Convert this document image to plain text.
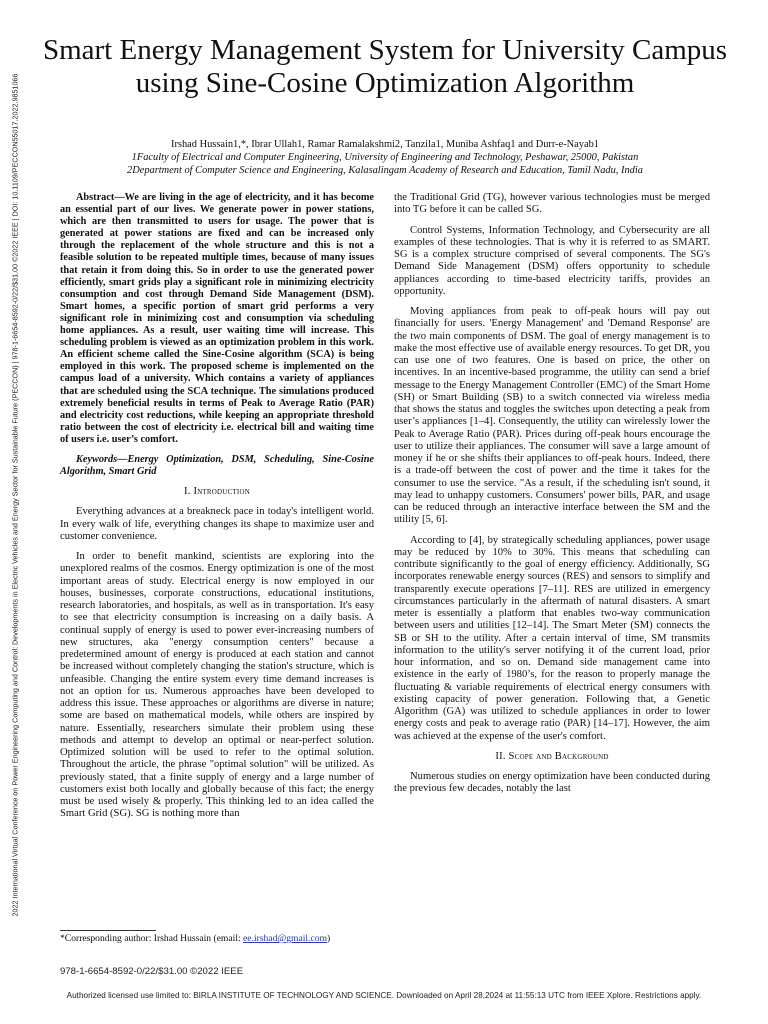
2022 International Virtual Conference on Power Engineering Computing and Control: Developments in Electric Vehicles and Energy Sector for Sustainable Future (PECCON) | 978-1-6654-8592-0/22/$31.00 ©2022 IEEE | DOI: 10.1109/PECCON55017.2022.9851066
Smart Energy Management System for University Campus using Sine-Cosine Optimization Algorithm
Irshad Hussain1,*, Ibrar Ullah1, Ramar Ramalakshmi2, Tanzila1, Muniba Ashfaq1 and Durr-e-Nayab1
1Faculty of Electrical and Computer Engineering, University of Engineering and Technology, Peshawar, 25000, Pakistan
2Department of Computer Science and Engineering, Kalasalingam Academy of Research and Education, Tamil Nadu, India

Abstract—We are living in the age of electricity, and it has become an essential part of our lives. We generate power in power stations, which are then transmitted to users for usage. The power that is generated at power stations are fixed and can be increased only through the replacement of the whole structure and this is not a feasible solution to be repeated multiple times, because of many issues that retain it from doing this. So in order to use the generated power efficiently, smart grids play a significant role in minimizing electricity consumption and cost through Demand Side Management (DSM). Smart homes, a specific portion of smart grid performs a very significant role in minimizing cost and consumption via scheduling home appliances. As a result, user waiting time will increase. This scheduling problem is viewed as an optimization problem in this work. An efficient scheme called the Sine-Cosine algorithm (SCA) is being employed in this work. The proposed scheme is implemented on the campus load of a university. Which contains a variety of appliances that are scheduled using the SCA technique. The simulations produced extremely beneficial results in terms of Peak to Average Ratio (PAR) and electricity cost reductions, while keeping an appropriate threshold ratio between the cost of electricity i.e. electrical bill and waiting time of users i.e. user’s comfort.

Keywords—Energy Optimization, DSM, Scheduling, Sine-Cosine Algorithm, Smart Grid

I. Introduction

Everything advances at a breakneck pace in today's intelligent world. In every walk of life, everything changes its shape to maximize user and customer convenience.

In order to benefit mankind, scientists are exploring into the unexplored realms of the cosmos. Energy optimization is one of the most important areas of study. Electrical energy is now employed in our houses, businesses, corporate constructions, educational institutions, research laboratories, and hospitals, as well as in transportation. It's easy to see that electricity consumption is increasing on a daily basis. A continual supply of energy is used to power ever-increasing numbers of new structures, aka "energy consumption centers" because a predetermined amount of energy is produced at each station and cannot be increased without completely changing the station's structure, which is unfeasible. Changing the entire system every time demand increases is not an option for us. Numerous approaches have been developed to address this issue. These approaches or algorithms are diverse in nature; some are based on mathematical models, while others are inspired by nature. Essentially, researchers simulate their problem using these methods and attempt to develop an optimal or near-perfect solution. Optimized solution will be used to refer to the optimal solution. Throughout the article, the phrase "optimal solution" will be utilized. As previously stated, that a finite supply of energy and a large number of customers exist both locally and globally because of this fact; the energy must be used wisely & properly. This thinking led to an idea called the Smart Grid (SG). SG is nothing more than

the Traditional Grid (TG), however various technologies must be merged into TG before it can be called SG.

Control Systems, Information Technology, and Cybersecurity are all examples of these technologies. That is why it is referred to as SMART. SG is a complex structure comprised of several components. The SG's Demand Side Management (DSM) offers opportunity to schedule appliances according to time-based electricity tariffs, provides an opportunity.

Moving appliances from peak to off-peak hours will pay out financially for users. 'Energy Management' and 'Demand Response' are the two main components of DSM. The goal of energy management is to make the most effective use of available energy resources. To get DR, you can use one of two features. One is based on price, the other on incentives. In an incentive-based programme, the utility can send a brief message to the Energy Management Controller (EMC) of the Smart Home (SH) or Smart Building (SB) to a switch connected via wireless media that shows the status and toggles the switches upon detecting a peak from user’s appliances [1–4]. Consequently, the utility can wirelessly lower the Peak to Average Ratio (PAR). Prices during off-peak hours encourage the user to utilize their appliances. The consumer will save a large amount of money if he or she shifts their appliances to off-peak hours. Indeed, there is a trade-off between the cost of power and the time it takes for the consumer to use the service. "As a result, if the scheduling isn't sound, it may lead to unhappy customers. Consumers' power bills, PAR, and usage can be reduced through an interactive interface between the SM and the utility [5, 6].

According to [4], by strategically scheduling appliances, power usage may be reduced by 10% to 30%. This means that scheduling can contribute significantly to the goal of energy efficiency. Additionally, SG incorporates renewable energy sources (RES) and sensors to simplify and transparently execute operations [7–11]. RES are utilized in emergency circumstances particularly in the aftermath of natural disasters. A smart meter is essentially a platform that enables two-way communication between users and utilities [12–14]. The Smart Meter (SM) connects the SB or SH to the utility. After a certain interval of time, SM transmits information to the utility's server notifying it of the current load, prior hour information, and so on. Demand side management came into existence in the early of 1980’s, for the reason to properly manage the fluctuating & variable requirements of electrical energy consumers with existing capacity of power generation. Following that, a Genetic Algorithm (GA) was utilized to schedule appliances in order to lower energy costs and peak to average ratio (PAR) [14–17]. However, the aim was achieved at the expense of the user's comfort.

II. Scope and Background

Numerous studies on energy optimization have been conducted during the previous few decades, notably the last

*Corresponding author: Irshad Hussain (email: ee.irshad@gmail.com)
978-1-6654-8592-0/22/$31.00 ©2022 IEEE
Authorized licensed use limited to: BIRLA INSTITUTE OF TECHNOLOGY AND SCIENCE. Downloaded on April 28,2024 at 11:55:13 UTC from IEEE Xplore. Restrictions apply.
